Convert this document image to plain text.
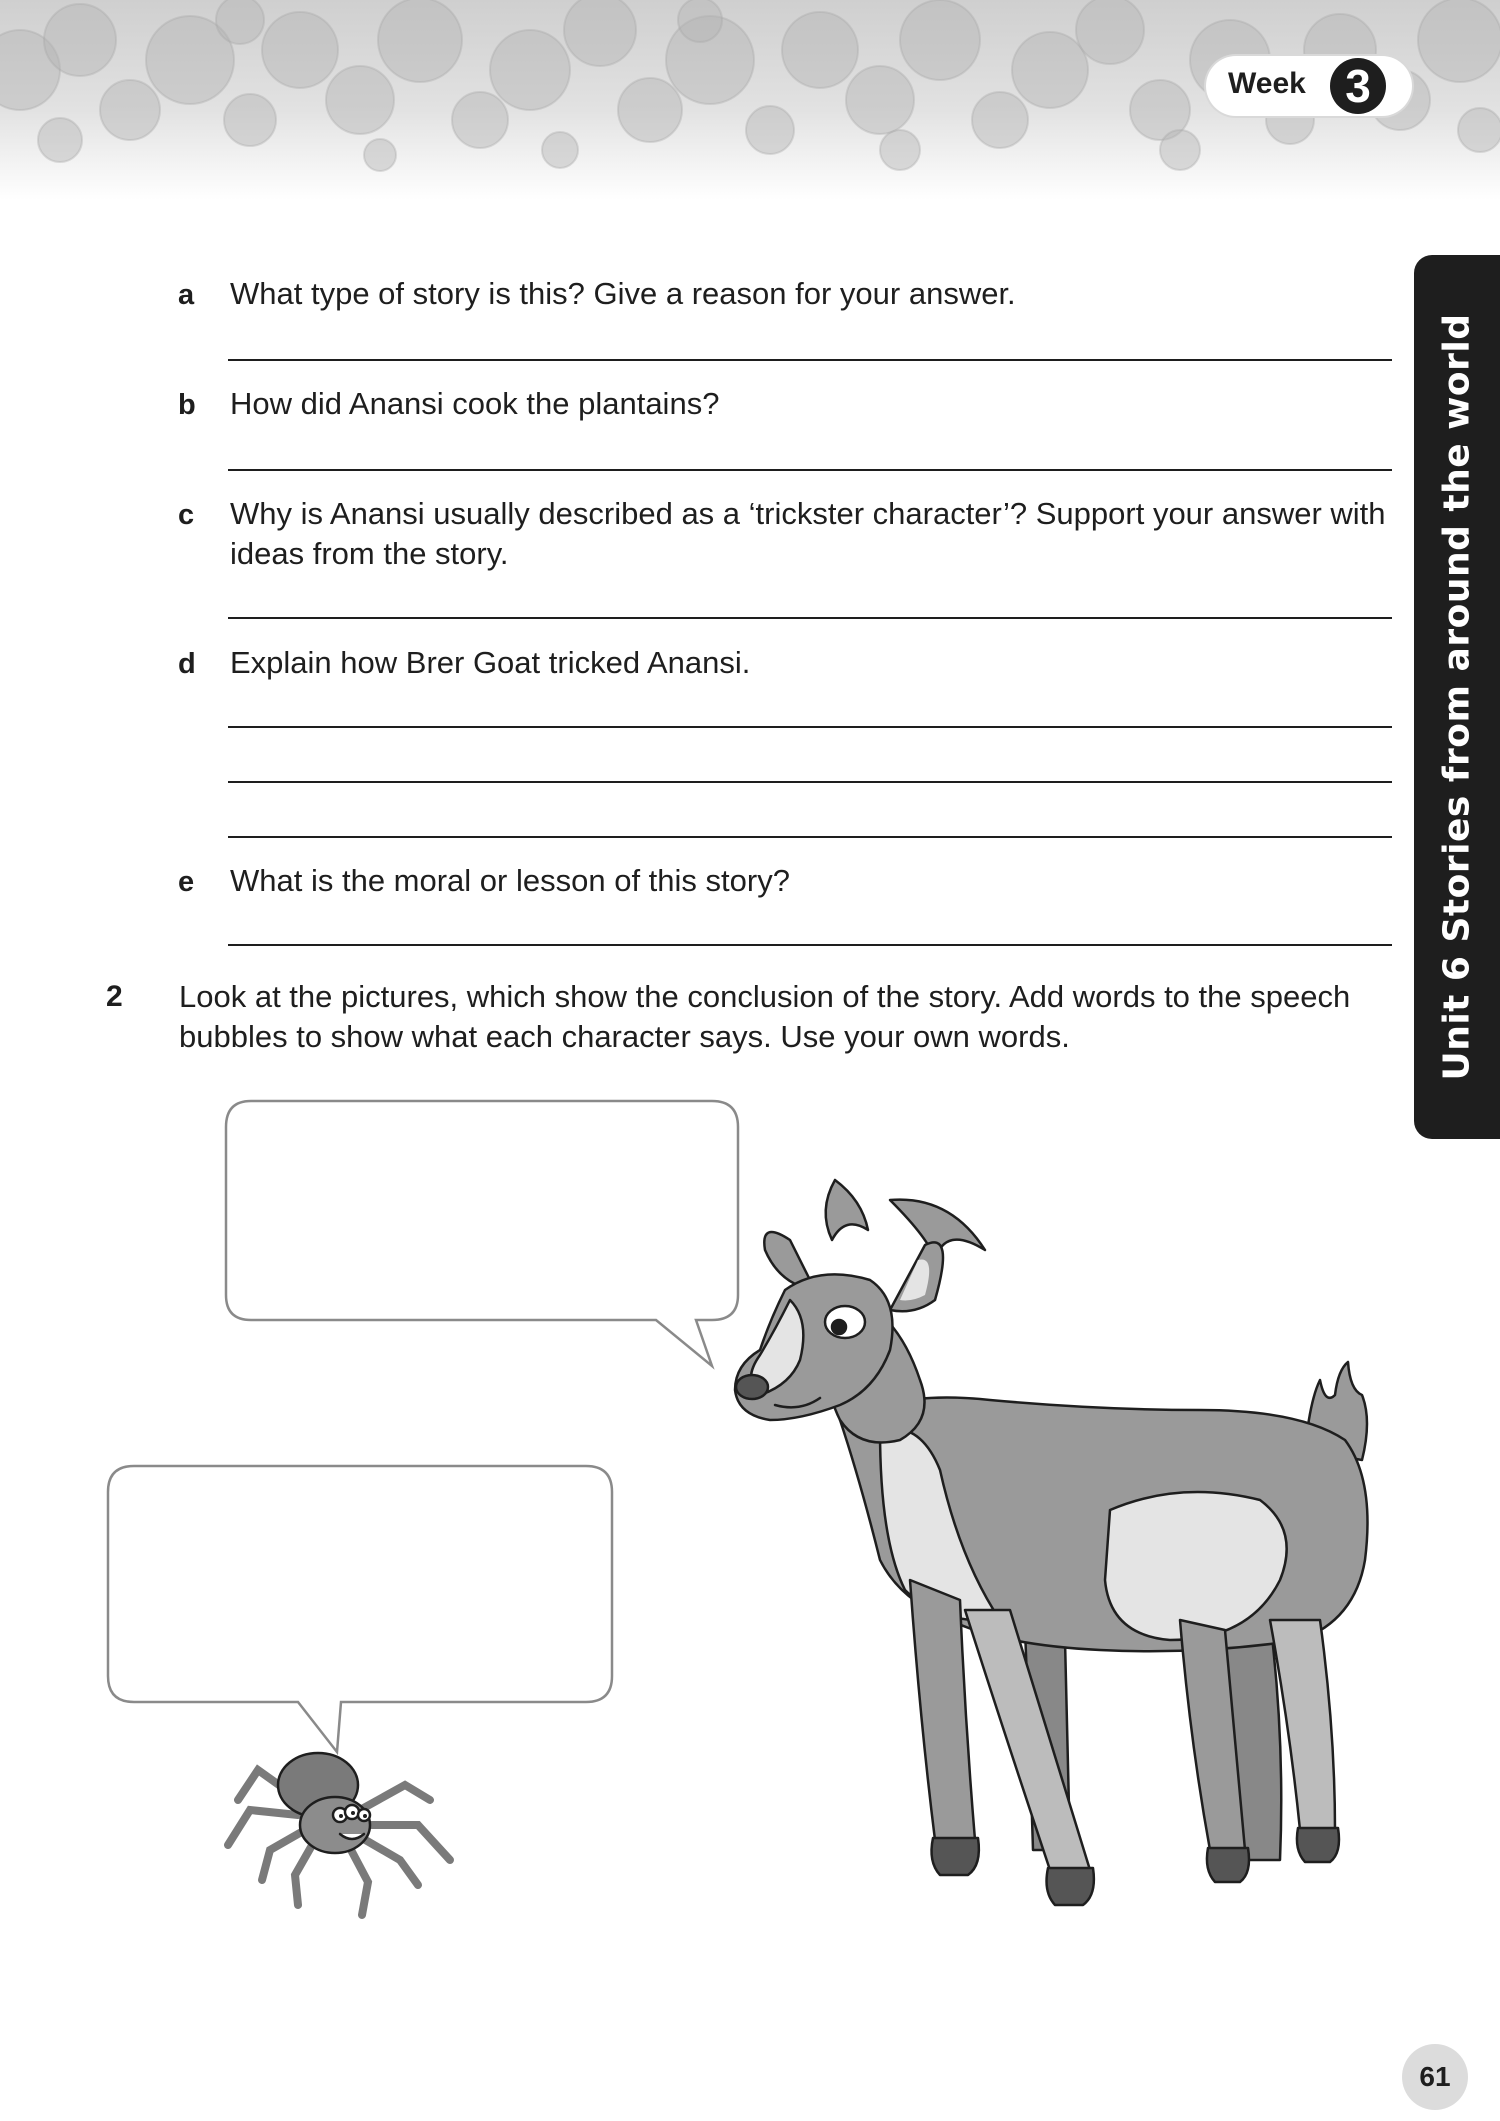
Week 3
Unit 6 Stories from around the world
a	What type of story is this? Give a reason for your answer.
b	How did Anansi cook the plantains?
c	Why is Anansi usually described as a ‘trickster character’? Support your answer with ideas from the story.
d	Explain how Brer Goat tricked Anansi.
e	What is the moral or lesson of this story?
2 Look at the pictures, which show the conclusion of the story. Add words to the speech bubbles to show what each character says. Use your own words.
61
